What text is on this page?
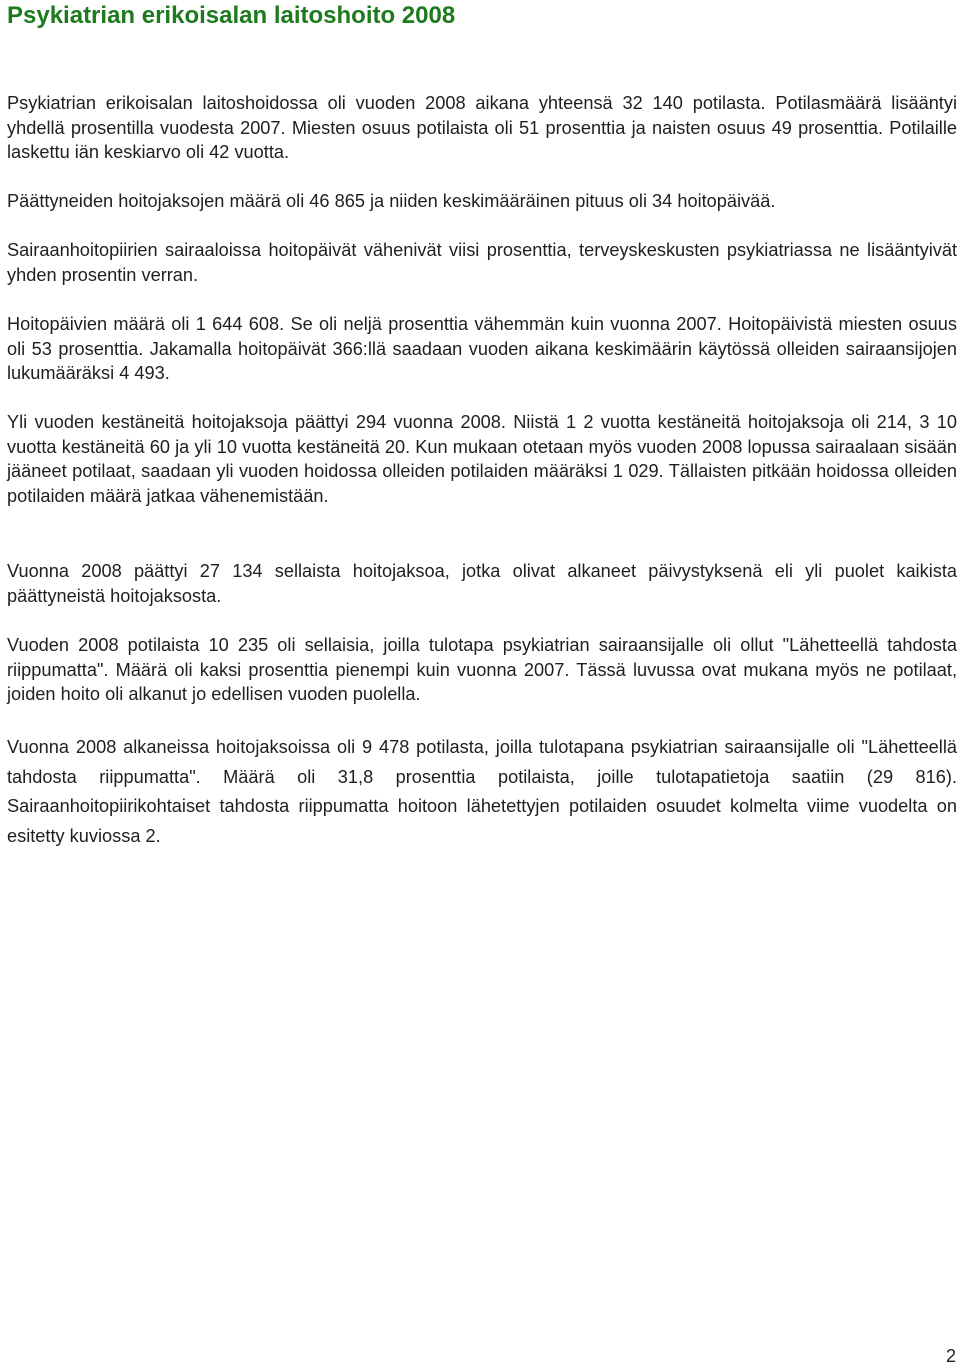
Psykiatrian erikoisalan laitoshoito 2008

Psykiatrian erikoisalan laitoshoidossa oli vuoden 2008 aikana yhteensä 32 140 potilasta. Potilasmäärä lisääntyi yhdellä prosentilla vuodesta 2007. Miesten osuus potilaista oli 51 prosenttia ja naisten osuus 49 prosenttia. Potilaille laskettu iän keskiarvo oli 42 vuotta.

Päättyneiden hoitojaksojen määrä oli 46 865 ja niiden keskimääräinen pituus oli 34 hoitopäivää.

Sairaanhoitopiirien sairaaloissa hoitopäivät vähenivät viisi prosenttia, terveyskeskusten psykiatriassa ne lisääntyivät yhden prosentin verran.

Hoitopäivien määrä oli 1 644 608. Se oli neljä prosenttia vähemmän kuin vuonna 2007. Hoitopäivistä miesten osuus oli 53 prosenttia. Jakamalla hoitopäivät 366:llä saadaan vuoden aikana keskimäärin käytössä olleiden sairaansijojen lukumääräksi 4 493.

Yli vuoden kestäneitä hoitojaksoja päättyi 294 vuonna 2008. Niistä 1 2 vuotta kestäneitä hoitojaksoja oli 214, 3 10 vuotta kestäneitä 60 ja yli 10 vuotta kestäneitä 20. Kun mukaan otetaan myös vuoden 2008 lopussa sairaalaan sisään jääneet potilaat, saadaan yli vuoden hoidossa olleiden potilaiden määräksi 1 029. Tällaisten pitkään hoidossa olleiden potilaiden määrä jatkaa vähenemistään.

Vuonna 2008 päättyi 27 134 sellaista hoitojaksoa, jotka olivat alkaneet päivystyksenä eli yli puolet kaikista päättyneistä hoitojaksosta.

Vuoden 2008 potilaista 10 235 oli sellaisia, joilla tulotapa psykiatrian sairaansijalle oli ollut "Lähetteellä tahdosta riippumatta". Määrä oli kaksi prosenttia pienempi kuin vuonna 2007. Tässä luvussa ovat mukana myös ne potilaat, joiden hoito oli alkanut jo edellisen vuoden puolella.

Vuonna 2008 alkaneissa hoitojaksoissa oli 9 478 potilasta, joilla tulotapana psykiatrian sairaansijalle oli "Lähetteellä tahdosta riippumatta". Määrä oli 31,8 prosenttia potilaista, joille tulotapatietoja saatiin (29 816). Sairaanhoitopiirikohtaiset tahdosta riippumatta hoitoon lähetettyjen potilaiden osuudet kolmelta viime vuodelta on esitetty kuviossa 2.

2
